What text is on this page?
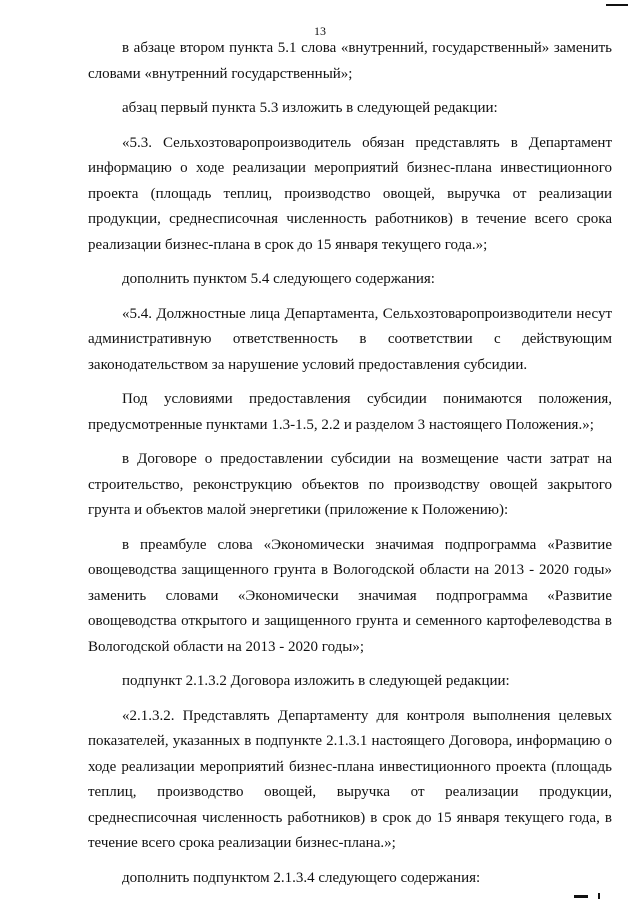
13

в абзаце втором пункта 5.1 слова «внутренний, государственный» заменить словами «внутренний государственный»;

абзац первый пункта 5.3 изложить в следующей редакции:

«5.3. Сельхозтоваропроизводитель обязан представлять в Департамент информацию о ходе реализации мероприятий бизнес-плана инвестиционного проекта (площадь теплиц, производство овощей, выручка от реализации продукции, среднесписочная численность работников) в течение всего срока реализации бизнес-плана в срок до 15 января текущего года.»;

дополнить пунктом 5.4 следующего содержания:

«5.4. Должностные лица Департамента, Сельхозтоваропроизводители несут административную ответственность в соответствии с действующим законодательством за нарушение условий предоставления субсидии.

Под условиями предоставления субсидии понимаются положения, предусмотренные пунктами 1.3-1.5, 2.2 и разделом 3 настоящего Положения.»;

в Договоре о предоставлении субсидии на возмещение части затрат на строительство, реконструкцию объектов по производству овощей закрытого грунта и объектов малой энергетики (приложение к Положению):

в преамбуле слова «Экономически значимая подпрограмма «Развитие овощеводства защищенного грунта в Вологодской области на 2013 - 2020 годы» заменить словами «Экономически значимая подпрограмма «Развитие овощеводства открытого и защищенного грунта и семенного картофелеводства в Вологодской области на 2013 - 2020 годы»;

подпункт 2.1.3.2 Договора изложить в следующей редакции:

«2.1.3.2. Представлять Департаменту для контроля выполнения целевых показателей, указанных в подпункте 2.1.3.1 настоящего Договора, информацию о ходе реализации мероприятий бизнес-плана инвестиционного проекта (площадь теплиц, производство овощей, выручка от реализации продукции, среднесписочная численность работников) в срок до 15 января текущего года, в течение всего срока реализации бизнес-плана.»;

дополнить подпунктом 2.1.3.4 следующего содержания:
